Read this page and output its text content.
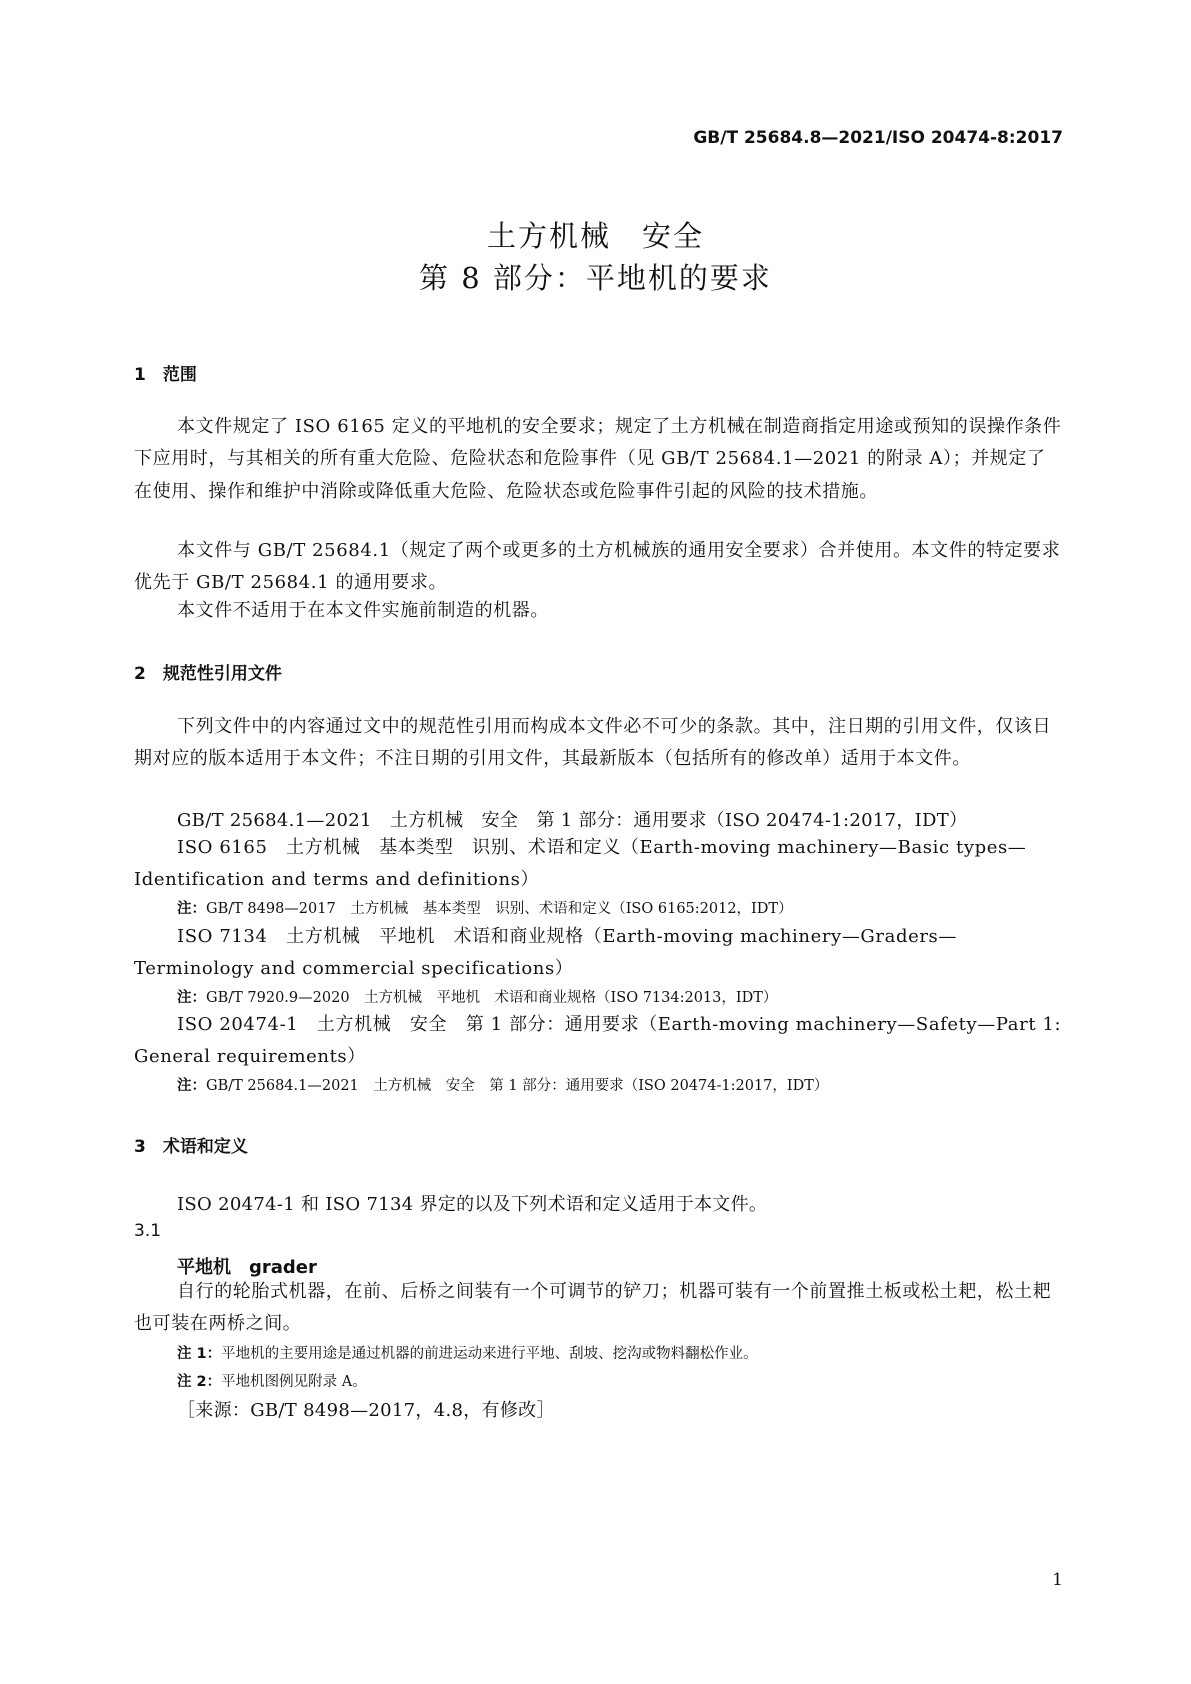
GB/T 25684.8—2021/ISO 20474-8:2017
土方机械　安全
第 8 部分：平地机的要求
1　范围
本文件规定了 ISO 6165 定义的平地机的安全要求；规定了土方机械在制造商指定用途或预知的误操作条件下应用时，与其相关的所有重大危险、危险状态和危险事件（见 GB/T 25684.1—2021 的附录 A）；并规定了在使用、操作和维护中消除或降低重大危险、危险状态或危险事件引起的风险的技术措施。
本文件与 GB/T 25684.1（规定了两个或更多的土方机械族的通用安全要求）合并使用。本文件的特定要求优先于 GB/T 25684.1 的通用要求。
本文件不适用于在本文件实施前制造的机器。
2　规范性引用文件
下列文件中的内容通过文中的规范性引用而构成本文件必不可少的条款。其中，注日期的引用文件，仅该日期对应的版本适用于本文件；不注日期的引用文件，其最新版本（包括所有的修改单）适用于本文件。
GB/T 25684.1—2021　土方机械　安全　第 1 部分：通用要求（ISO 20474-1:2017，IDT）
ISO 6165　土方机械　基本类型　识别、术语和定义（Earth-moving machinery—Basic types—Identification and terms and definitions）
注：GB/T 8498—2017　土方机械　基本类型　识别、术语和定义（ISO 6165:2012，IDT）
ISO 7134　土方机械　平地机　术语和商业规格（Earth-moving machinery—Graders—Terminology and commercial specifications）
注：GB/T 7920.9—2020　土方机械　平地机　术语和商业规格（ISO 7134:2013，IDT）
ISO 20474-1　土方机械　安全　第 1 部分：通用要求（Earth-moving machinery—Safety—Part 1: General requirements）
注：GB/T 25684.1—2021　土方机械　安全　第 1 部分：通用要求（ISO 20474-1:2017，IDT）
3　术语和定义
ISO 20474-1 和 ISO 7134 界定的以及下列术语和定义适用于本文件。
3.1
平地机　grader
自行的轮胎式机器，在前、后桥之间装有一个可调节的铲刀；机器可装有一个前置推土板或松土耙，松土耙也可装在两桥之间。
注 1：平地机的主要用途是通过机器的前进运动来进行平地、刮坡、挖沟或物料翻松作业。
注 2：平地机图例见附录 A。
［来源：GB/T 8498—2017，4.8，有修改］
1
